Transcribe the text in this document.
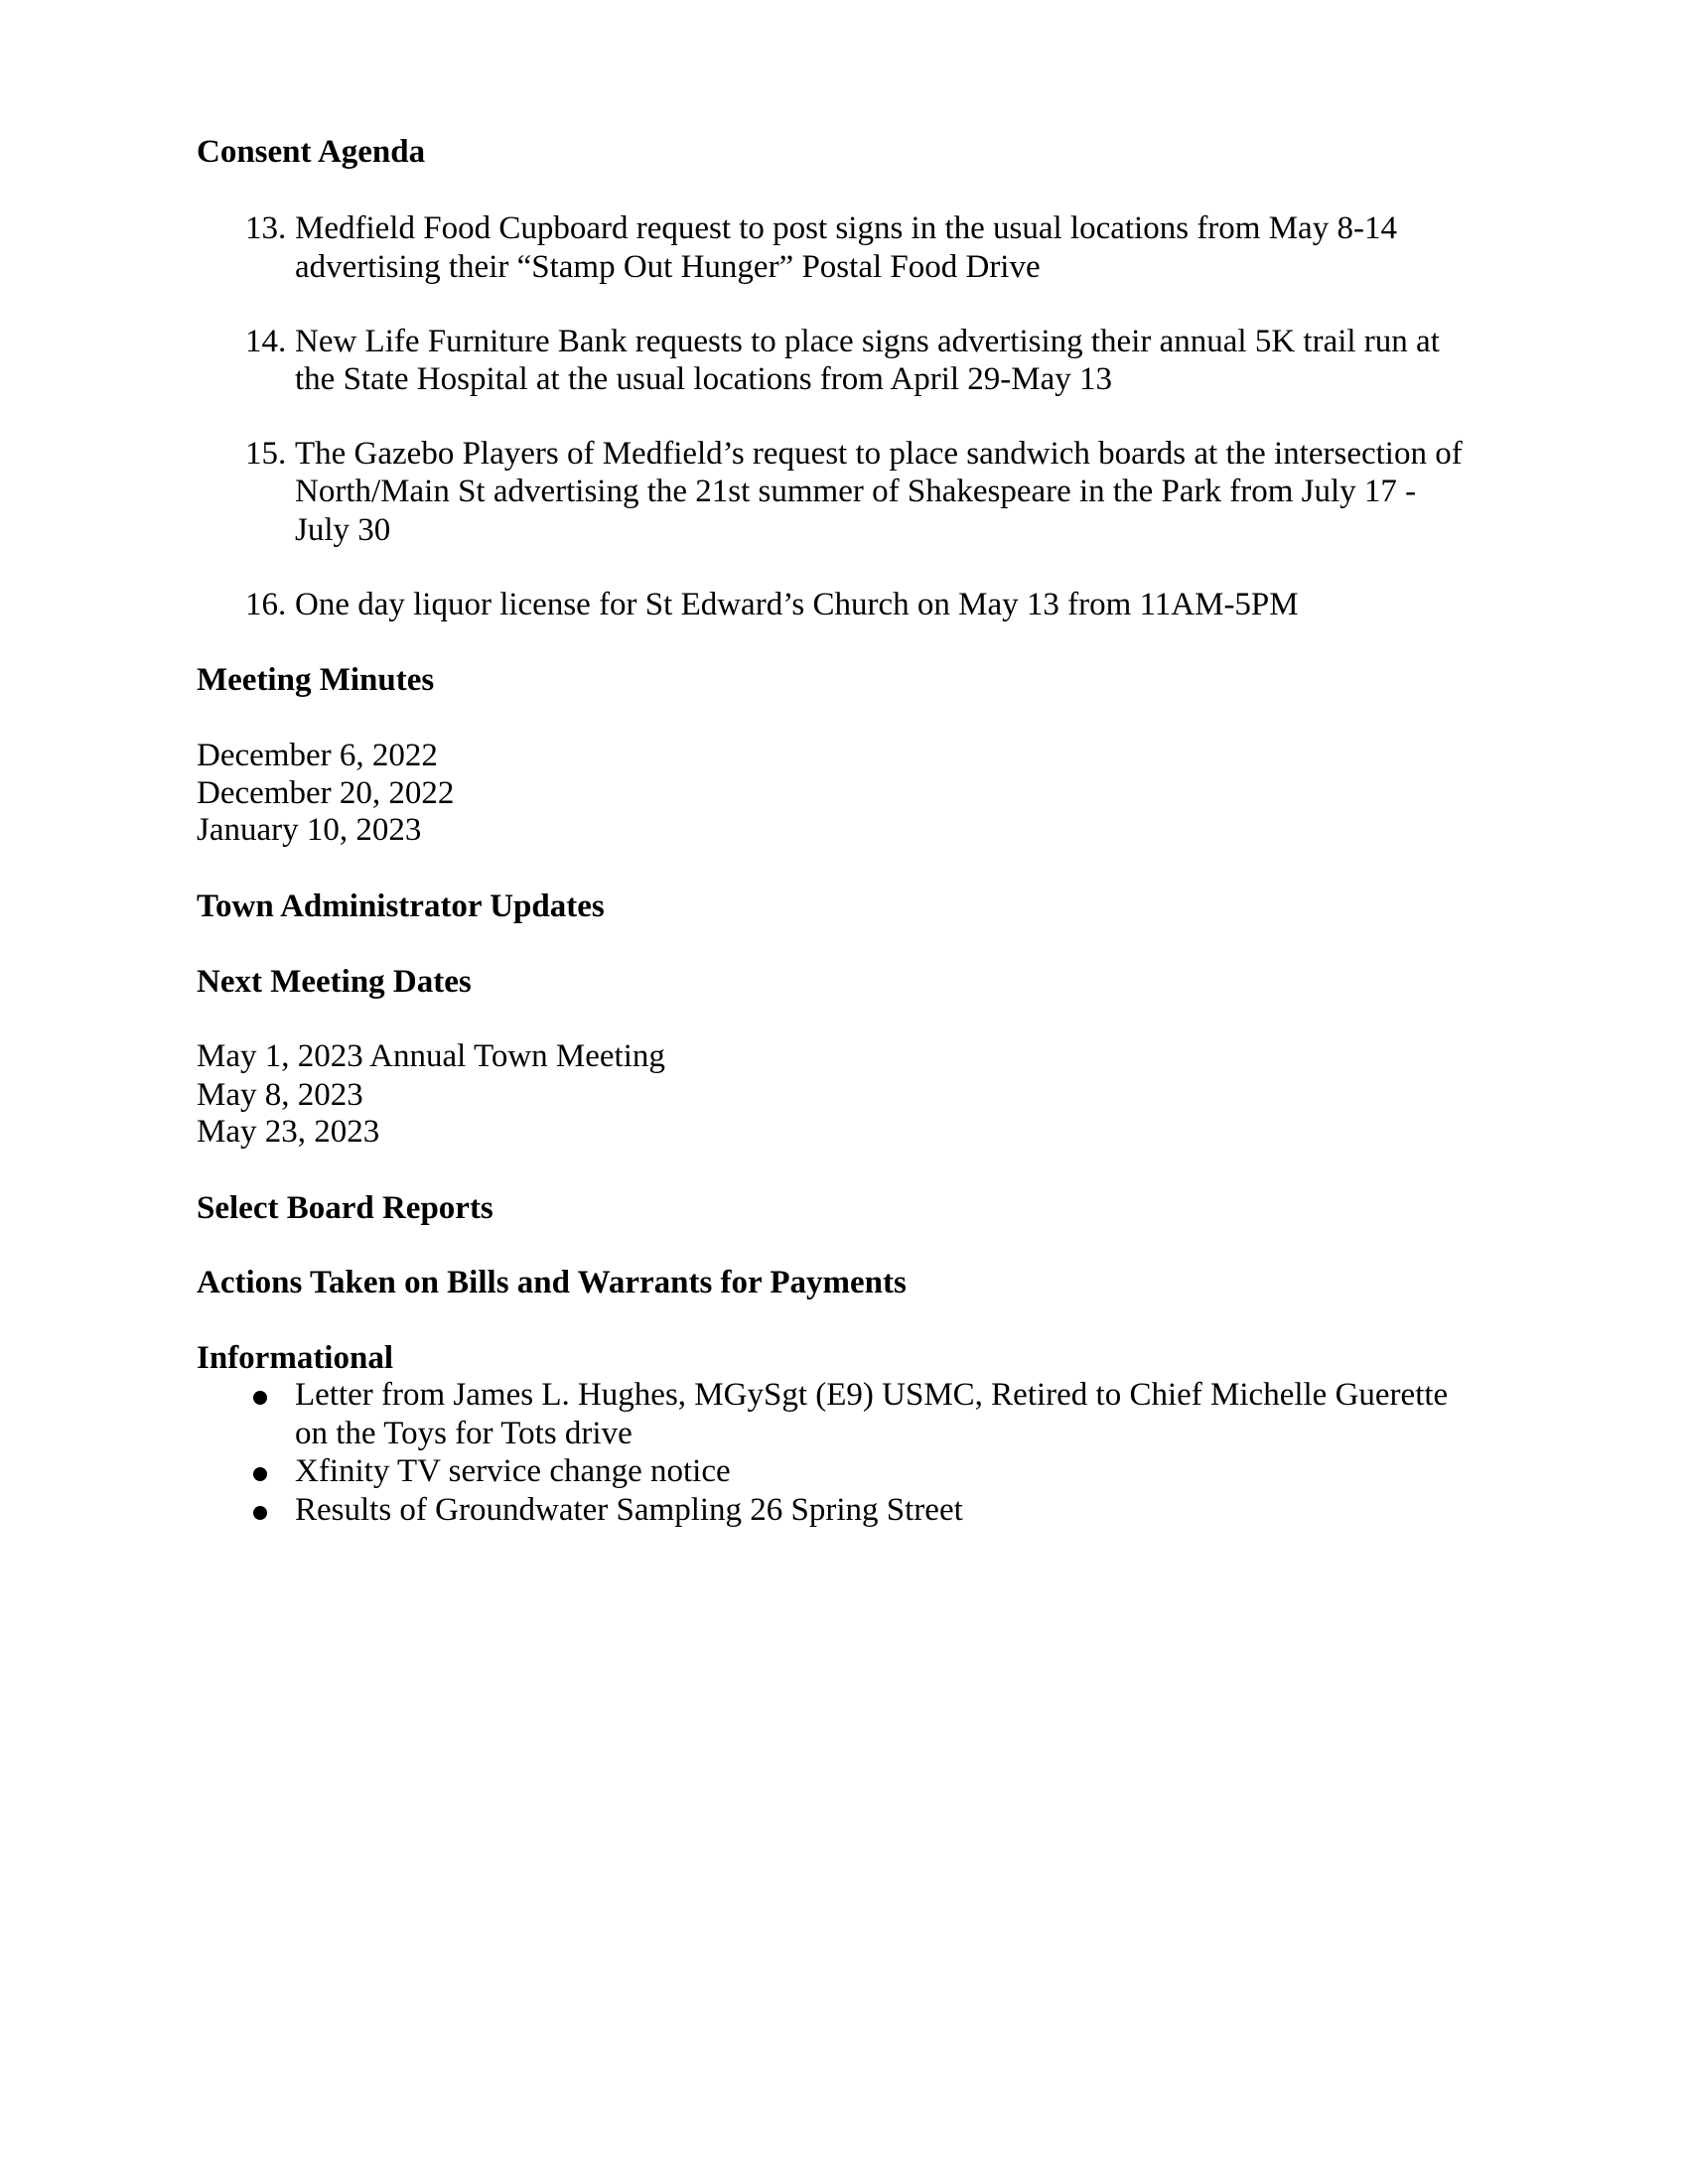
Consent Agenda
13. Medfield Food Cupboard request to post signs in the usual locations from May 8-14
advertising their “Stamp Out Hunger” Postal Food Drive
14. New Life Furniture Bank requests to place signs advertising their annual 5K trail run at
the State Hospital at the usual locations from April 29-May 13
15. The Gazebo Players of Medfield’s request to place sandwich boards at the intersection of
North/Main St advertising the 21st summer of Shakespeare in the Park from July 17 -
July 30
16. One day liquor license for St Edward’s Church on May 13 from 11AM-5PM
Meeting Minutes
December 6, 2022
December 20, 2022
January 10, 2023
Town Administrator Updates
Next Meeting Dates
May 1, 2023 Annual Town Meeting
May 8, 2023
May 23, 2023
Select Board Reports
Actions Taken on Bills and Warrants for Payments
Informational
Letter from James L. Hughes, MGySgt (E9) USMC, Retired to Chief Michelle Guerette
on the Toys for Tots drive
Xfinity TV service change notice
Results of Groundwater Sampling 26 Spring Street
